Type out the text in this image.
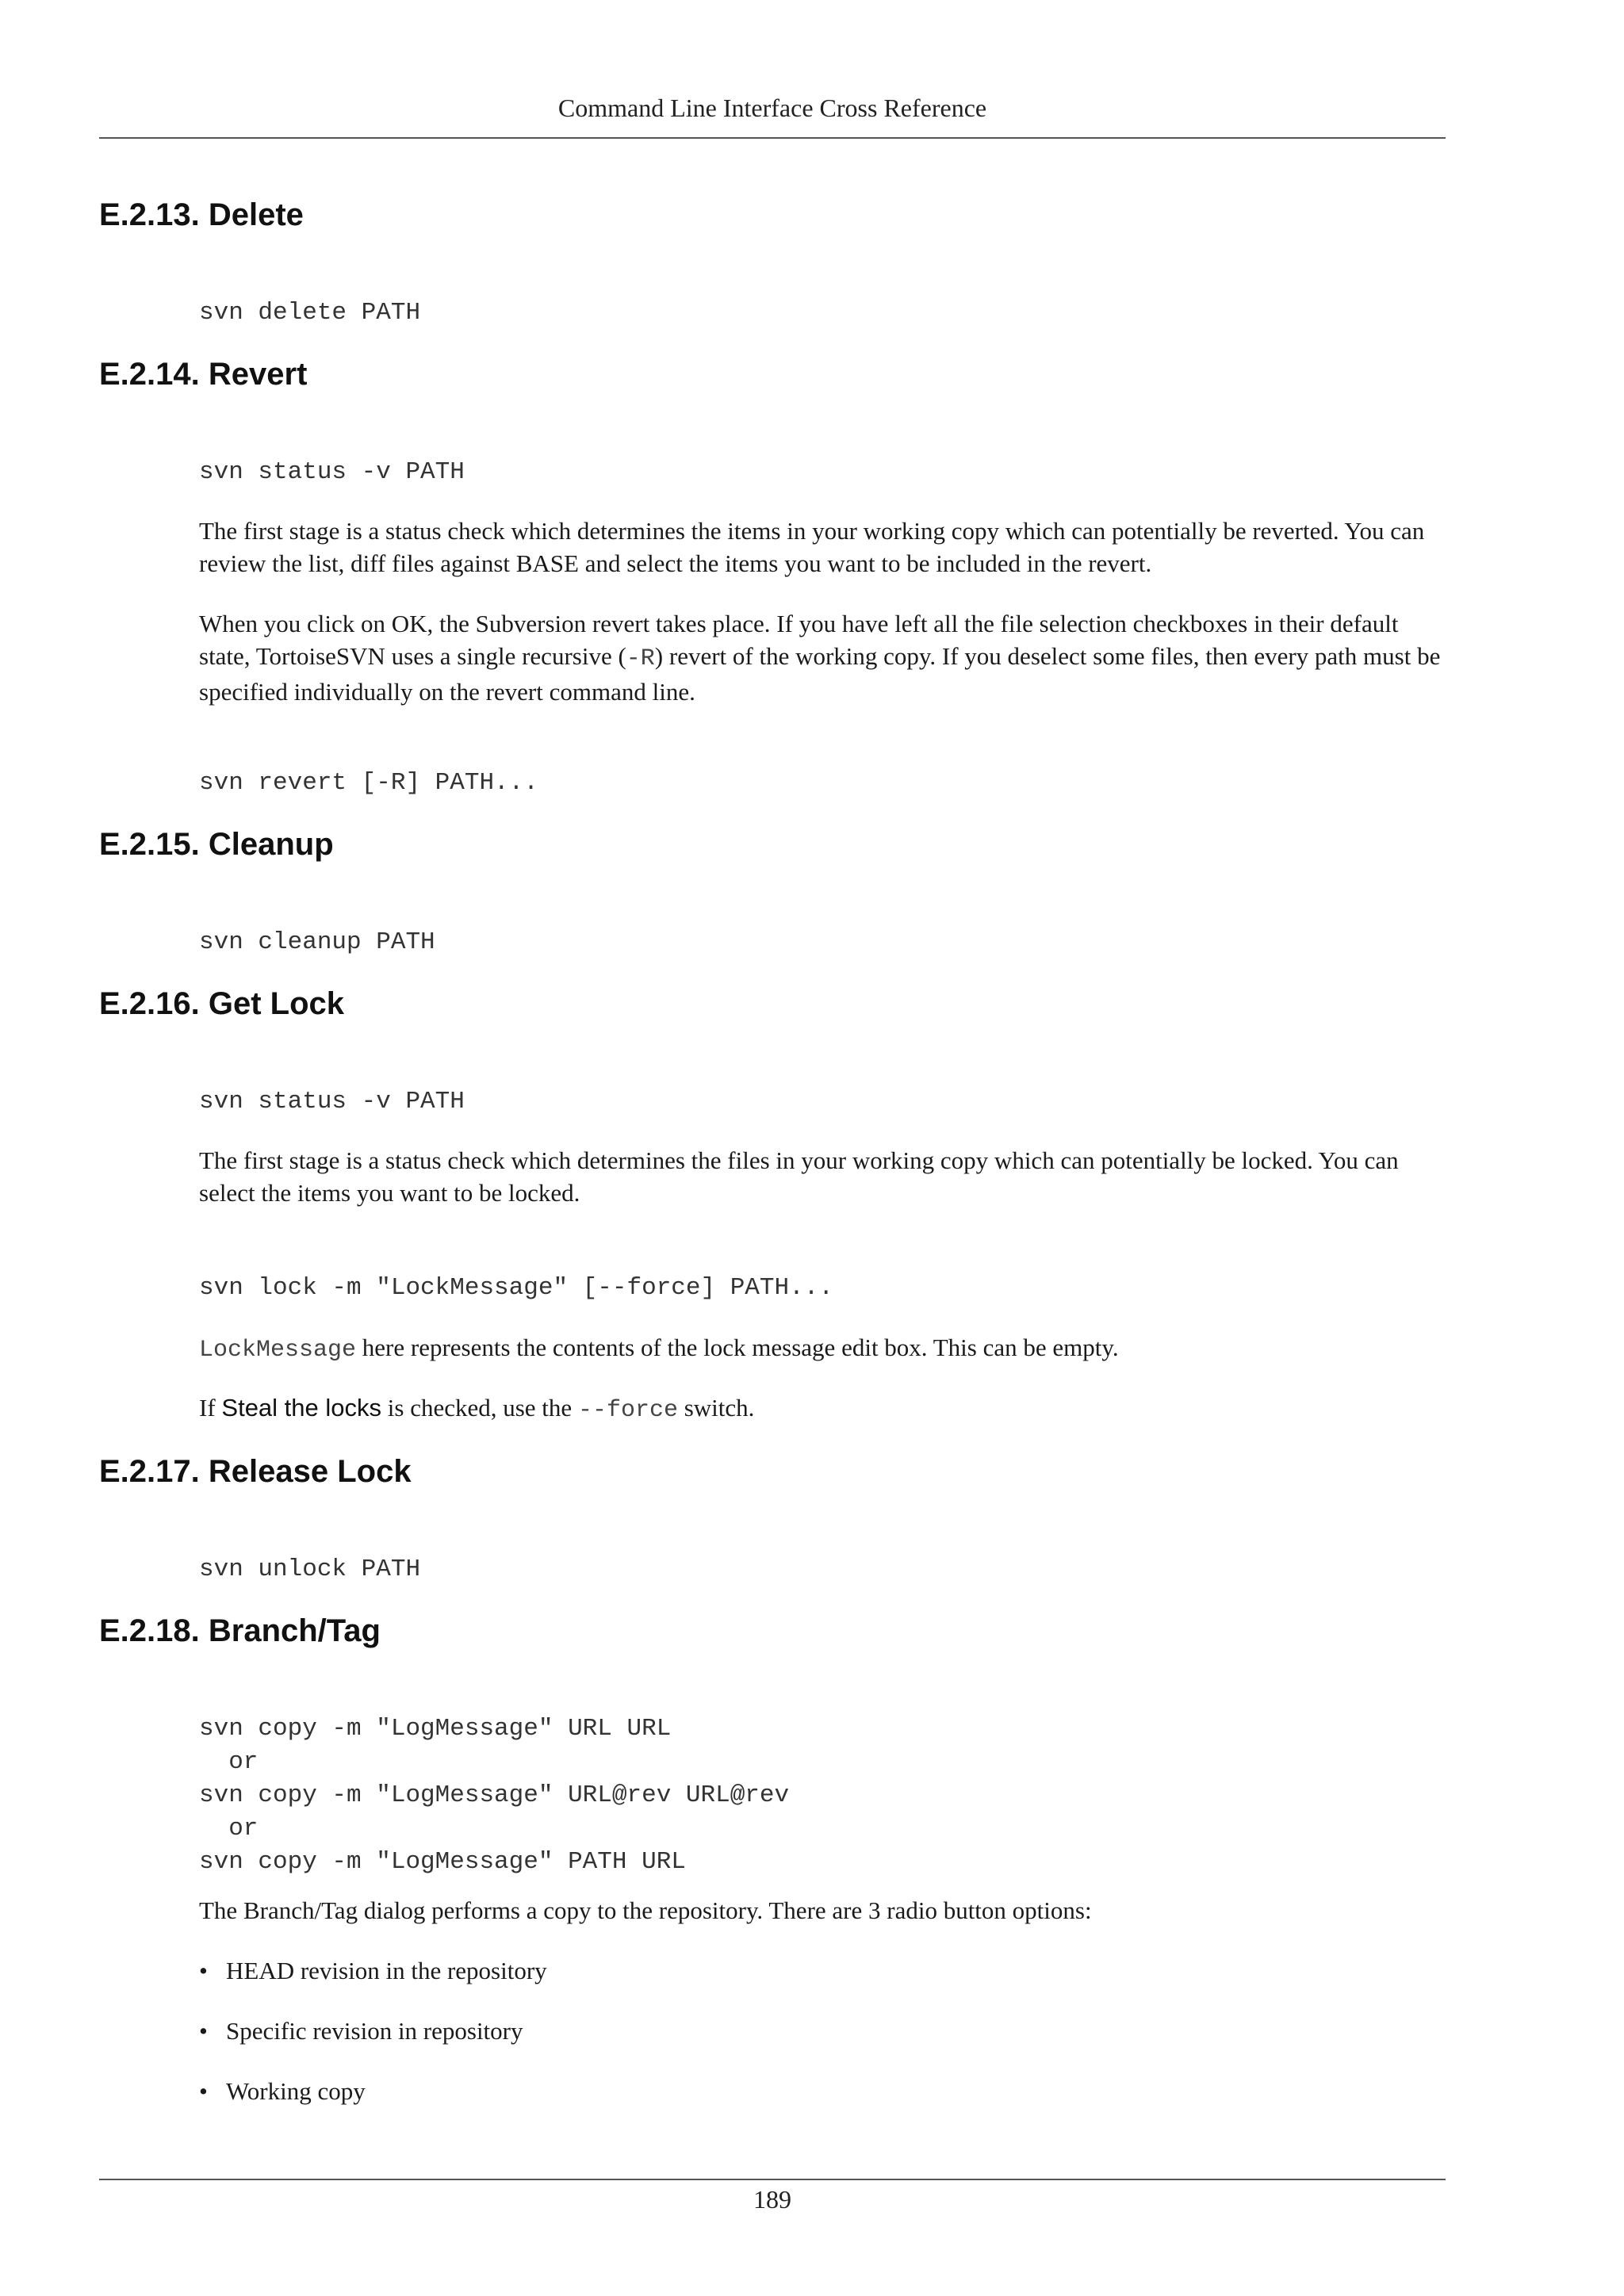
Command Line Interface Cross Reference
E.2.13. Delete
svn delete PATH
E.2.14. Revert
svn status -v PATH

The first stage is a status check which determines the items in your working copy which can potentially be reverted. You can review the list, diff files against BASE and select the items you want to be included in the revert.

When you click on OK, the Subversion revert takes place. If you have left all the file selection checkboxes in their default state, TortoiseSVN uses a single recursive (-R) revert of the working copy. If you deselect some files, then every path must be specified individually on the revert command line.

svn revert [-R] PATH...
E.2.15. Cleanup
svn cleanup PATH
E.2.16. Get Lock
svn status -v PATH

The first stage is a status check which determines the files in your working copy which can potentially be locked. You can select the items you want to be locked.

svn lock -m "LockMessage" [--force] PATH...

LockMessage here represents the contents of the lock message edit box. This can be empty.

If Steal the locks is checked, use the --force switch.

E.2.17. Release Lock
svn unlock PATH
E.2.18. Branch/Tag
svn copy -m "LogMessage" URL URL
or
svn copy -m "LogMessage" URL@rev URL@rev
or
svn copy -m "LogMessage" PATH URL

The Branch/Tag dialog performs a copy to the repository. There are 3 radio button options:

• HEAD revision in the repository
• Specific revision in repository
• Working copy
189
